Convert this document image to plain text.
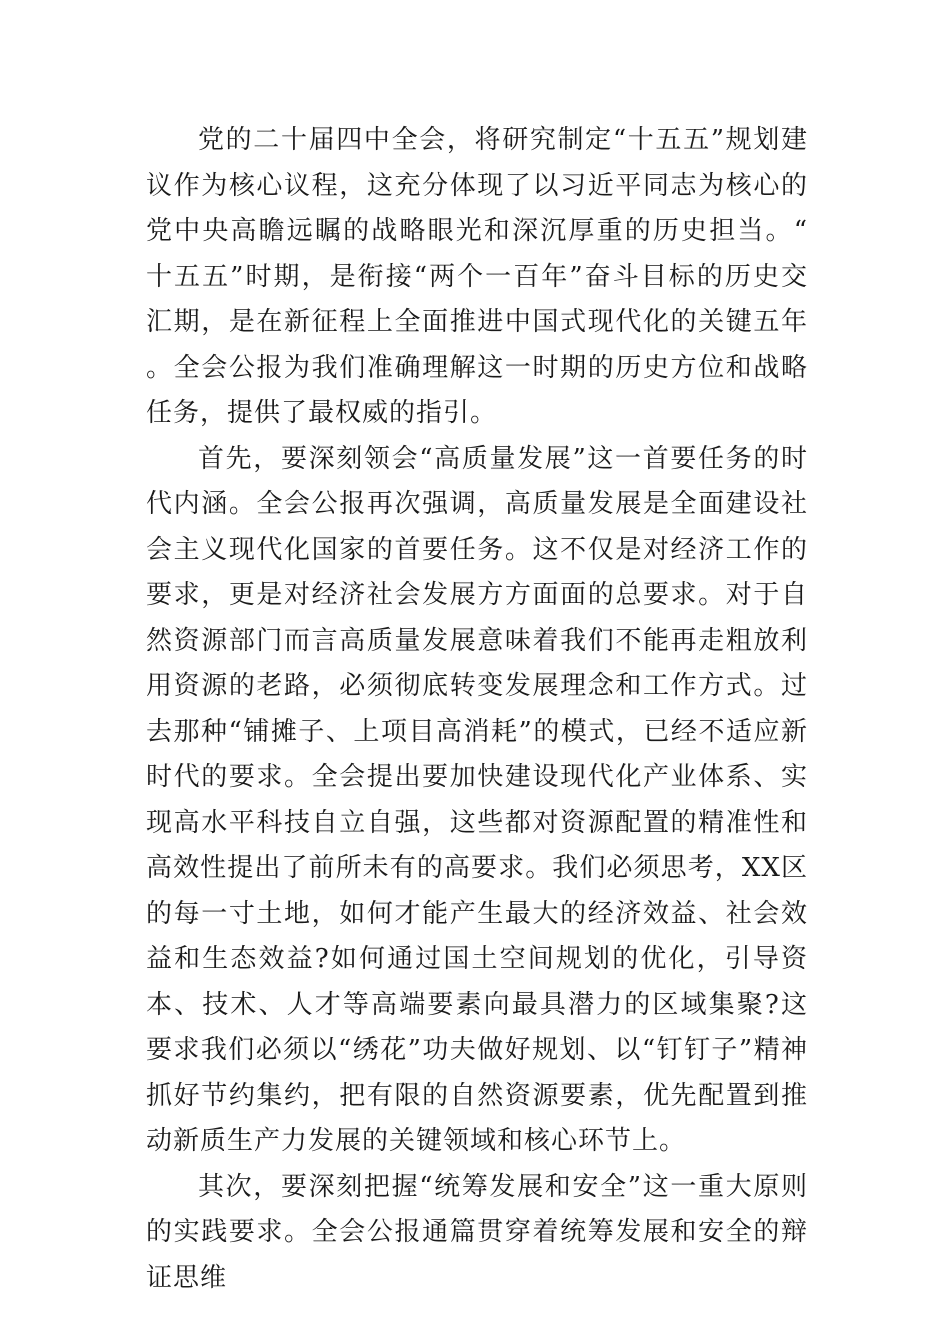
党的二十届四中全会，将研究制定“十五五”规划建议作为核心议程，这充分体现了以习近平同志为核心的党中央高瞻远瞩的战略眼光和深沉厚重的历史担当。“十五五”时期，是衔接“两个一百年”奋斗目标的历史交汇期，是在新征程上全面推进中国式现代化的关键五年。全会公报为我们准确理解这一时期的历史方位和战略任务，提供了最权威的指引。

首先，要深刻领会“高质量发展”这一首要任务的时代内涵。全会公报再次强调，高质量发展是全面建设社会主义现代化国家的首要任务。这不仅是对经济工作的要求，更是对经济社会发展方方面面的总要求。对于自然资源部门而言高质量发展意味着我们不能再走粗放利用资源的老路，必须彻底转变发展理念和工作方式。过去那种“铺摊子、上项目高消耗”的模式，已经不适应新时代的要求。全会提出要加快建设现代化产业体系、实现高水平科技自立自强，这些都对资源配置的精准性和高效性提出了前所未有的高要求。我们必须思考，XX区的每一寸土地，如何才能产生最大的经济效益、社会效益和生态效益?如何通过国土空间规划的优化，引导资本、技术、人才等高端要素向最具潜力的区域集聚?这要求我们必须以“绣花”功夫做好规划、以“钉钉子”精神抓好节约集约，把有限的自然资源要素，优先配置到推动新质生产力发展的关键领域和核心环节上。

其次，要深刻把握“统筹发展和安全”这一重大原则的实践要求。全会公报通篇贯穿着统筹发展和安全的辩证思维
